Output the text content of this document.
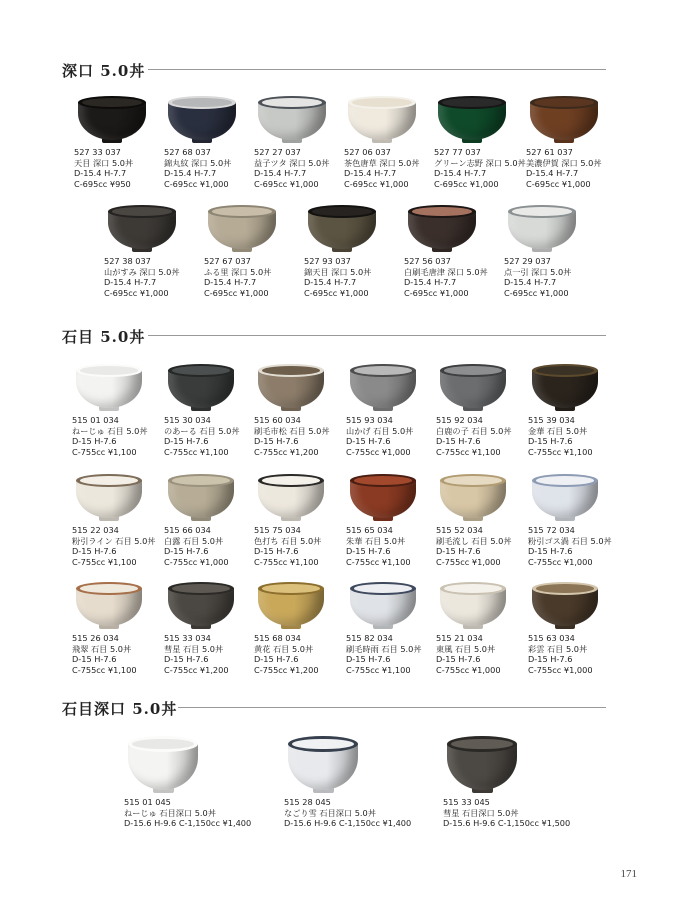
深口 5.0丼
石目 5.0丼
石目深口 5.0丼
527 33 037
天目 深口 5.0丼
D-15.4 H-7.7
C-695cc ¥950
527 68 037
錦丸紋 深口 5.0丼
D-15.4 H-7.7
C-695cc ¥1,000
527 27 037
益子ツタ 深口 5.0丼
D-15.4 H-7.7
C-695cc ¥1,000
527 06 037
茶色唐草 深口 5.0丼
D-15.4 H-7.7
C-695cc ¥1,000
527 77 037
グリーン志野 深口 5.0丼
D-15.4 H-7.7
C-695cc ¥1,000
527 61 037
美濃伊賀 深口 5.0丼
D-15.4 H-7.7
C-695cc ¥1,000
527 38 037
山がすみ 深口 5.0丼
D-15.4 H-7.7
C-695cc ¥1,000
527 67 037
ふる里 深口 5.0丼
D-15.4 H-7.7
C-695cc ¥1,000
527 93 037
錦天目 深口 5.0丼
D-15.4 H-7.7
C-695cc ¥1,000
527 56 037
白刷毛唐津 深口 5.0丼
D-15.4 H-7.7
C-695cc ¥1,000
527 29 037
点一引 深口 5.0丼
D-15.4 H-7.7
C-695cc ¥1,000
515 01 034
ねーじゅ 石目 5.0丼
D-15 H-7.6
C-755cc ¥1,100
515 30 034
のあーる 石目 5.0丼
D-15 H-7.6
C-755cc ¥1,100
515 60 034
刷毛市松 石目 5.0丼
D-15 H-7.6
C-755cc ¥1,200
515 93 034
山かげ 石目 5.0丼
D-15 H-7.6
C-755cc ¥1,000
515 92 034
白鹿の子 石目 5.0丼
D-15 H-7.6
C-755cc ¥1,100
515 39 034
金華 石目 5.0丼
D-15 H-7.6
C-755cc ¥1,100
515 22 034
粉引ライン 石目 5.0丼
D-15 H-7.6
C-755cc ¥1,100
515 66 034
白露 石目 5.0丼
D-15 H-7.6
C-755cc ¥1,000
515 75 034
色打ち 石目 5.0丼
D-15 H-7.6
C-755cc ¥1,100
515 65 034
朱華 石目 5.0丼
D-15 H-7.6
C-755cc ¥1,100
515 52 034
刷毛流し 石目 5.0丼
D-15 H-7.6
C-755cc ¥1,000
515 72 034
粉引ゴス渦 石目 5.0丼
D-15 H-7.6
C-755cc ¥1,000
515 26 034
飛翠 石目 5.0丼
D-15 H-7.6
C-755cc ¥1,100
515 33 034
彗星 石目 5.0丼
D-15 H-7.6
C-755cc ¥1,200
515 68 034
黄花 石目 5.0丼
D-15 H-7.6
C-755cc ¥1,200
515 82 034
刷毛時雨 石目 5.0丼
D-15 H-7.6
C-755cc ¥1,100
515 21 034
東風 石目 5.0丼
D-15 H-7.6
C-755cc ¥1,000
515 63 034
彩雲 石目 5.0丼
D-15 H-7.6
C-755cc ¥1,000
515 01 045
ねーじゅ 石目深口 5.0丼
D-15.6 H-9.6 C-1,150cc ¥1,400
515 28 045
なごり雪 石目深口 5.0丼
D-15.6 H-9.6 C-1,150cc ¥1,400
515 33 045
彗星 石目深口 5.0丼
D-15.6 H-9.6 C-1,150cc ¥1,500
171
